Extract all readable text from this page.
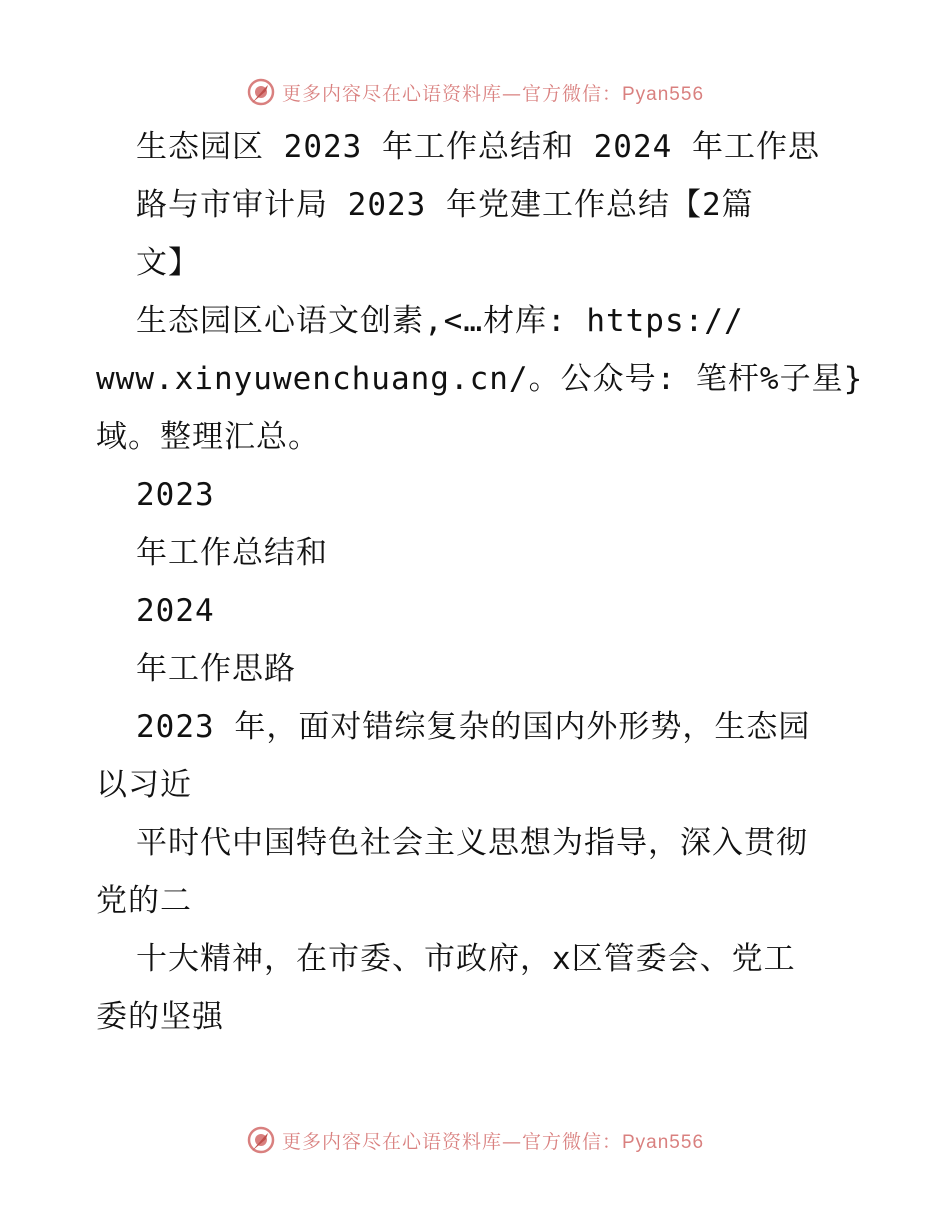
更多内容尽在心语资料库—官方微信：Pyan556
生态园区 2023 年工作总结和 2024 年工作思
路与市审计局 2023 年党建工作总结【2篇
文】
生态园区心语文创素,<…材库: https://
www.xinyuwenchuang.cn/。公众号: 笔杆%子星}
域。整理汇总。
2023
年工作总结和
2024
年工作思路
2023 年，面对错综复杂的国内外形势，生态园
以习近
平时代中国特色社会主义思想为指导，深入贯彻
党的二
十大精神，在市委、市政府，x区管委会、党工
委的坚强
更多内容尽在心语资料库—官方微信：Pyan556
